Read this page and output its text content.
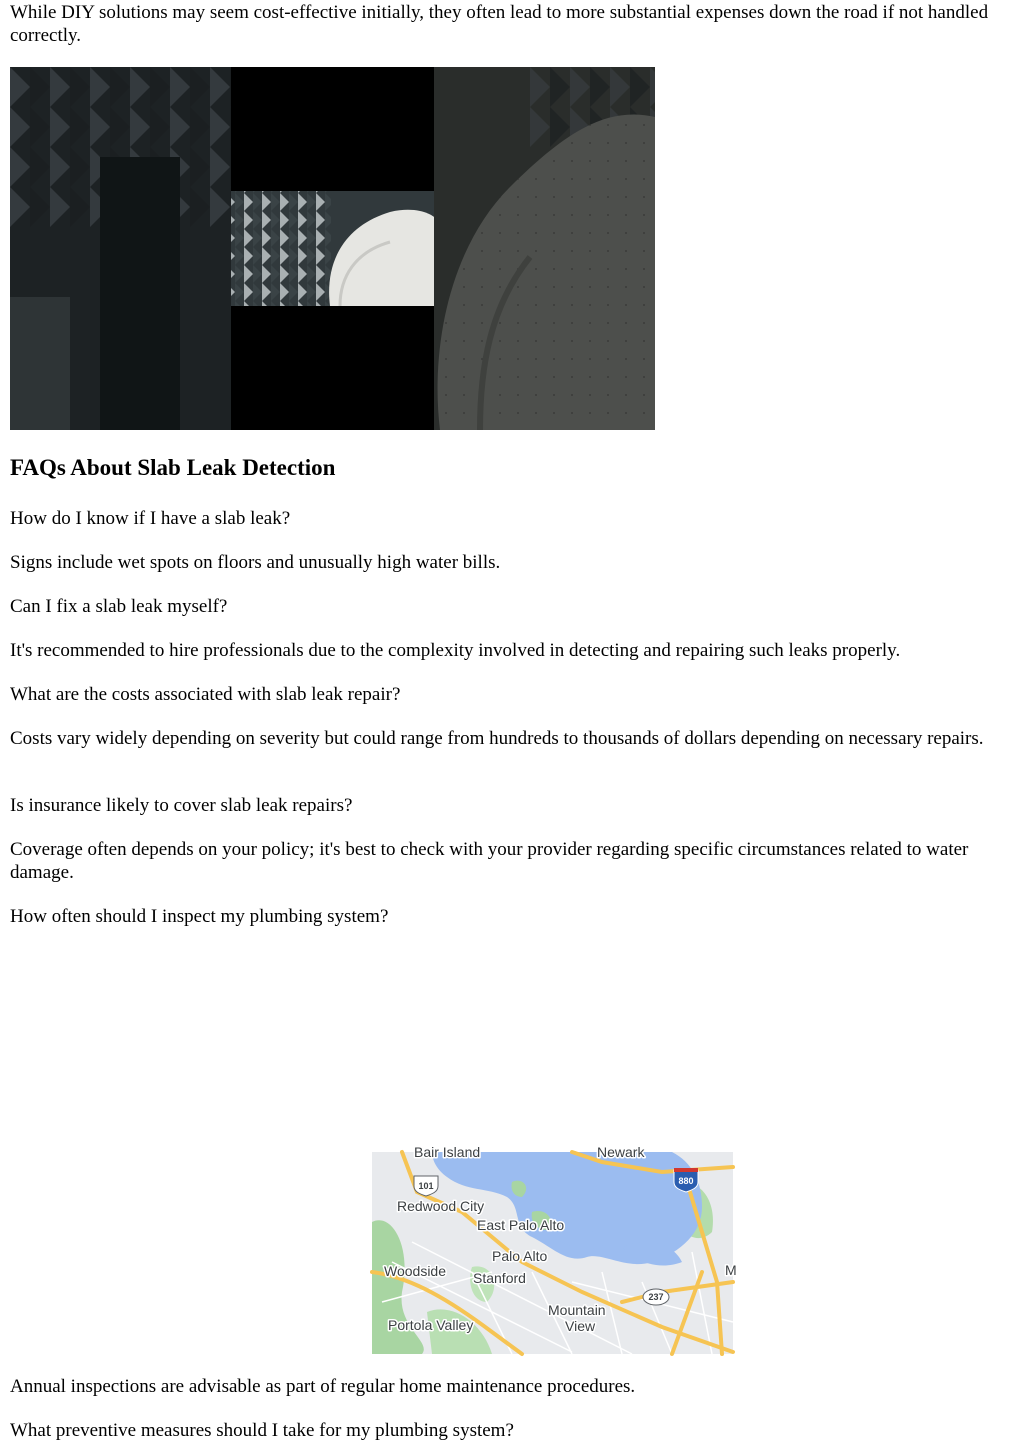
While DIY solutions may seem cost-effective initially, they often lead to more substantial expenses down the road if not handled correctly.

FAQs About Slab Leak Detection

How do I know if I have a slab leak?

Signs include wet spots on floors and unusually high water bills.

Can I fix a slab leak myself?

It's recommended to hire professionals due to the complexity involved in detecting and repairing such leaks properly.

What are the costs associated with slab leak repair?

Costs vary widely depending on severity but could range from hundreds to thousands of dollars depending on necessary repairs.

Is insurance likely to cover slab leak repairs?

Coverage often depends on your policy; it's best to check with your provider regarding specific circumstances related to water damage.

How often should I inspect my plumbing system?

101	880
237
Bair Island	Newark
Redwood City
East Palo Alto
Palo Alto
Woodside Stanford
Mountain
View
Portola Valley
M

Annual inspections are advisable as part of regular home maintenance procedures.

What preventive measures should I take for my plumbing system?
